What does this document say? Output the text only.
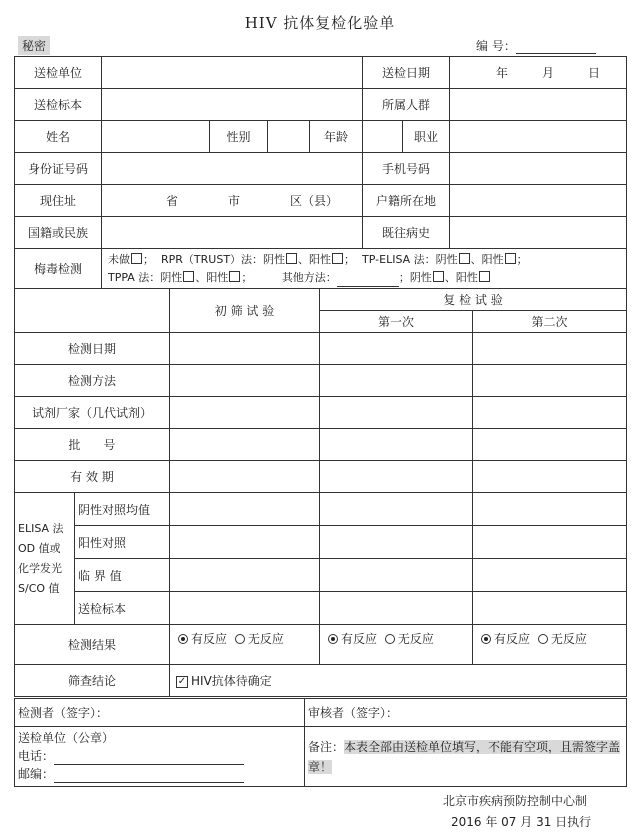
HIV 抗体复检化验单
秘密	编 号：
送检单位					送检日期		年 月 日
送检标本					所属人群		
姓名		性别		年龄		职业	
身份证号码					手机号码		
现住址	省 市 区（县）				户籍所在地		
国籍或民族					既往病史		
梅毒检测	未做 ； RPR（TRUST）法：阴性 、阳性 ； TP-ELISA 法：阴性 、阳性 ；
TPPA 法：阴性 、阳性 ； 其他方法： ；阴性 、阳性						
		初 筛 试 验	复 检 试 验	
			第一次	第二次
检测日期				
检测方法				
试剂厂家（几代试剂）				
批      号				
有 效 期				
ELISA 法 OD 值或化学发光 S/CO 值	阴性对照均值			
	阳性对照			
	临 界 值			
	送检标本			
检测结果		有反应 无反应	有反应 无反应	有反应 无反应
筛查结论		✓ HIV抗体待确定		
检测者（签字）：	审核者（签字）：

送检单位（公章）
电话：
邮编：	备注：本表全部由送检单位填写，不能有空项，且需签字盖章！
北京市疾病预防控制中心制
2016 年 07 月 31 日执行
